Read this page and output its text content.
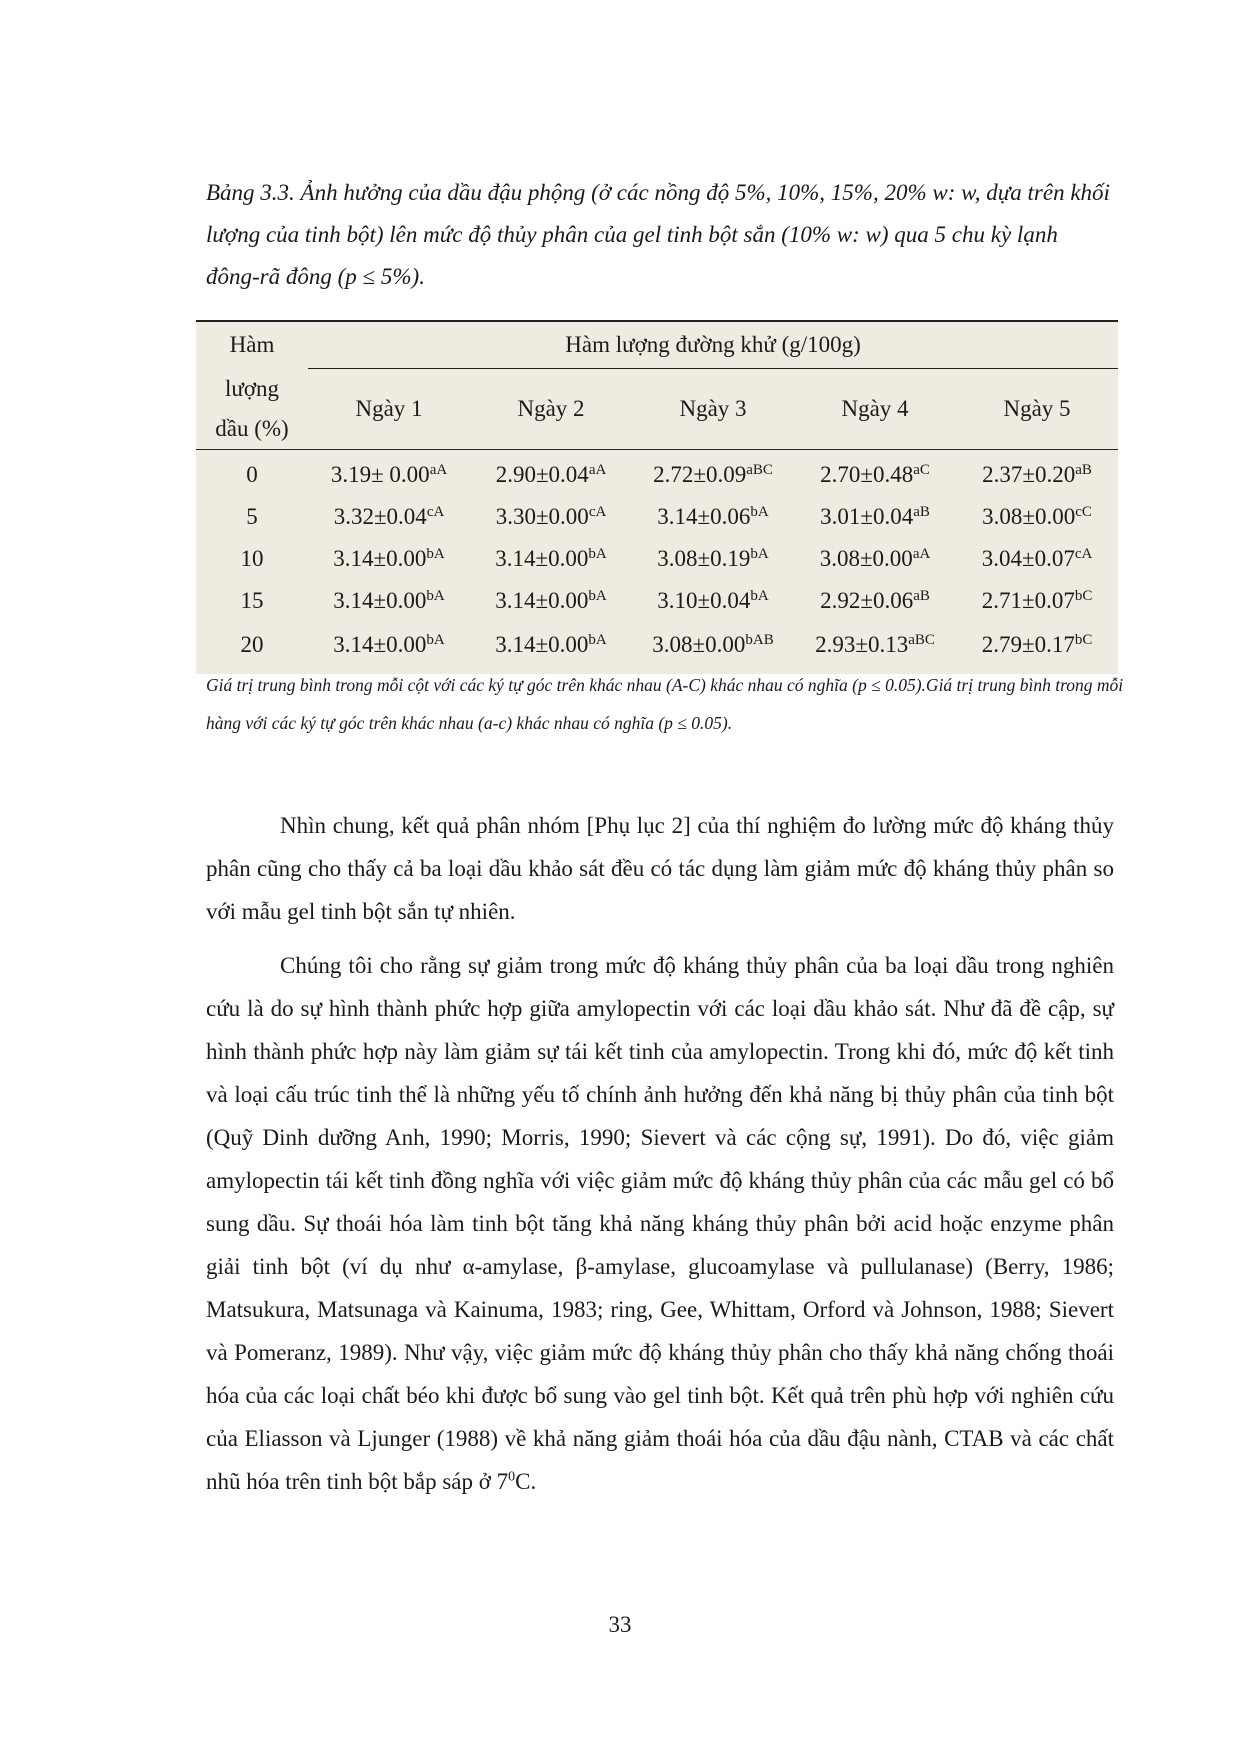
Bảng 3.3. Ảnh hưởng của dầu đậu phộng (ở các nồng độ 5%, 10%, 15%, 20% w: w, dựa trên khối lượng của tinh bột) lên mức độ thủy phân của gel tinh bột sắn (10% w: w) qua 5 chu kỳ lạnh đông-rã đông (p ≤ 5%).

Hàm	Hàm lượng đường khử (g/100g)				
lượng
dầu (%)	Ngày 1	Ngày 2	Ngày 3	Ngày 4	Ngày 5
0	$3.19\pm 0.00^{aA}$	$2.90\pm 0.04^{aA}$	$2.72\pm 0.09^{aBC}$	$2.70\pm 0.48^{aC}$	$2.37\pm 0.20^{aB}$
5	$3.32\pm 0.04^{cA}$	$3.30\pm 0.00^{cA}$	$3.14\pm 0.06^{bA}$	$3.01\pm 0.04^{aB}$	$3.08\pm 0.00^{cC}$
10	$3.14\pm 0.00^{bA}$	$3.14\pm 0.00^{bA}$	$3.08\pm 0.19^{bA}$	$3.08\pm 0.00^{aA}$	$3.04\pm 0.07^{cA}$
15	$3.14\pm 0.00^{bA}$	$3.14\pm 0.00^{bA}$	$3.10\pm 0.04^{bA}$	$2.92\pm 0.06^{aB}$	$2.71\pm 0.07^{bC}$
20	$3.14\pm 0.00^{bA}$	$3.14\pm 0.00^{bA}$	$3.08\pm 0.00^{bAB}$	$2.93\pm 0.13^{aBC}$	$2.79\pm 0.17^{bC}$

Giá trị trung bình trong mỗi cột với các ký tự góc trên khác nhau (A-C) khác nhau có nghĩa (p ≤ 0.05).Giá trị trung bình trong mỗi hàng với các ký tự góc trên khác nhau (a-c) khác nhau có nghĩa (p ≤ 0.05).

Nhìn chung, kết quả phân nhóm [Phụ lục 2] của thí nghiệm đo lường mức độ kháng thủy phân cũng cho thấy cả ba loại dầu khảo sát đều có tác dụng làm giảm mức độ kháng thủy phân so với mẫu gel tinh bột sắn tự nhiên.

Chúng tôi cho rằng sự giảm trong mức độ kháng thủy phân của ba loại dầu trong nghiên cứu là do sự hình thành phức hợp giữa amylopectin với các loại dầu khảo sát. Như đã đề cập, sự hình thành phức hợp này làm giảm sự tái kết tinh của amylopectin. Trong khi đó, mức độ kết tinh và loại cấu trúc tinh thể là những yếu tố chính ảnh hưởng đến khả năng bị thủy phân của tinh bột (Quỹ Dinh dưỡng Anh, 1990; Morris, 1990; Sievert và các cộng sự, 1991). Do đó, việc giảm amylopectin tái kết tinh đồng nghĩa với việc giảm mức độ kháng thủy phân của các mẫu gel có bổ sung dầu. Sự thoái hóa làm tinh bột tăng khả năng kháng thủy phân bởi acid hoặc enzyme phân giải tinh bột (ví dụ như α-amylase, β-amylase, glucoamylase và pullulanase) (Berry, 1986; Matsukura, Matsunaga và Kainuma, 1983; ring, Gee, Whittam, Orford và Johnson, 1988; Sievert và Pomeranz, 1989). Như vậy, việc giảm mức độ kháng thủy phân cho thấy khả năng chống thoái hóa của các loại chất béo khi được bổ sung vào gel tinh bột. Kết quả trên phù hợp với nghiên cứu của Eliasson và Ljunger (1988) về khả năng giảm thoái hóa của dầu đậu nành, CTAB và các chất nhũ hóa trên tinh bột bắp sáp ở $7^0C$.

33
